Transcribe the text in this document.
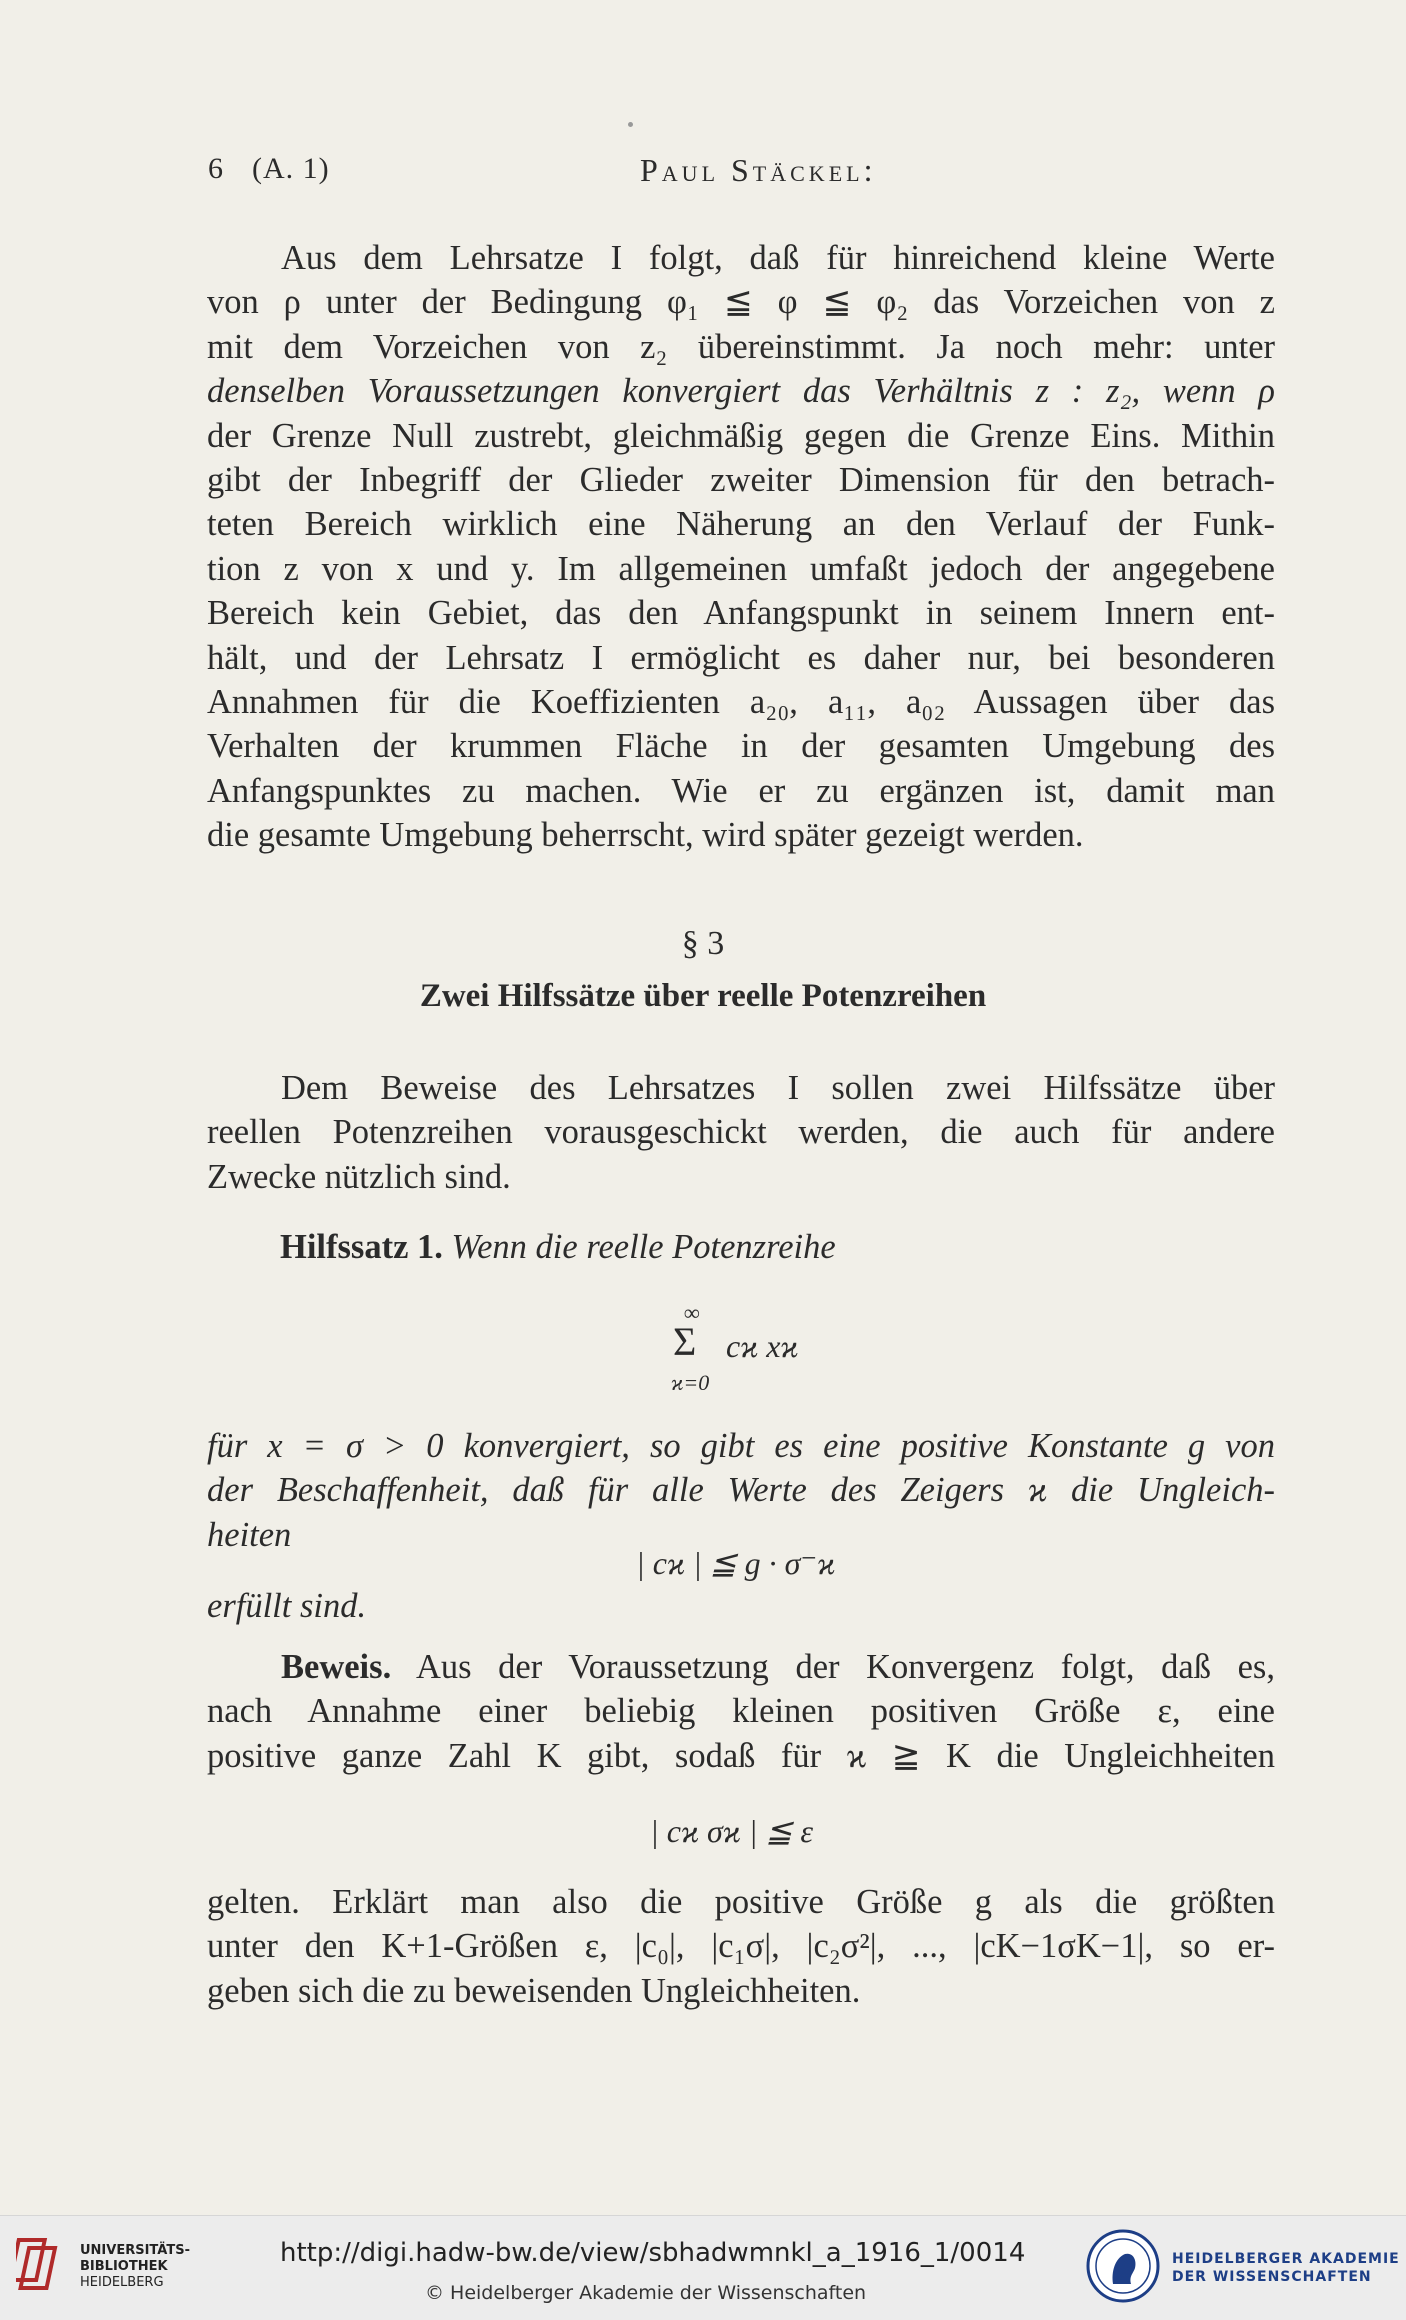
6 (A. 1)	Paul Stäckel:
Aus dem Lehrsatze I folgt, daß für hinreichend kleine Werte
von ρ unter der Bedingung φ₁ ≦ φ ≦ φ₂ das Vorzeichen von z
mit dem Vorzeichen von z₂ übereinstimmt. Ja noch mehr: unter
denselben Voraussetzungen konvergiert das Verhältnis z : z₂, wenn ρ
der Grenze Null zustrebt, gleichmäßig gegen die Grenze Eins. Mithin
gibt der Inbegriff der Glieder zweiter Dimension für den betrach-
teten Bereich wirklich eine Näherung an den Verlauf der Funk-
tion z von x und y. Im allgemeinen umfaßt jedoch der angegebene
Bereich kein Gebiet, das den Anfangspunkt in seinem Innern ent-
hält, und der Lehrsatz I ermöglicht es daher nur, bei besonderen
Annahmen für die Koeffizienten a₂₀, a₁₁, a₀₂ Aussagen über das
Verhalten der krummen Fläche in der gesamten Umgebung des
Anfangspunktes zu machen. Wie er zu ergänzen ist, damit man
die gesamte Umgebung beherrscht, wird später gezeigt werden.
§ 3
Zwei Hilfssätze über reelle Potenzreihen
Dem Beweise des Lehrsatzes I sollen zwei Hilfssätze über
reellen Potenzreihen vorausgeschickt werden, die auch für andere
Zwecke nützlich sind.
Hilfssatz 1. Wenn die reelle Potenzreihe
∞
Σ
ϰ=0
cϰ xϰ
für x = σ > 0 konvergiert, so gibt es eine positive Konstante g von
der Beschaffenheit, daß für alle Werte des Zeigers ϰ die Ungleich-
heiten
| cϰ | ≦ g · σ⁻ϰ
erfüllt sind.
Beweis. Aus der Voraussetzung der Konvergenz folgt, daß es,
nach Annahme einer beliebig kleinen positiven Größe ε, eine
positive ganze Zahl K gibt, sodaß für ϰ ≧ K die Ungleichheiten
| cϰ σϰ | ≦ ε
gelten. Erklärt man also die positive Größe g als die größten
unter den K+1-Größen ε, |c₀|, |c₁σ|, |c₂σ²|, ..., |cK−1σK−1|, so er-
geben sich die zu beweisenden Ungleichheiten.
UNIVERSITÄTS-
BIBLIOTHEK

HEIDELBERG
http://digi.hadw-bw.de/view/sbhadwmnkl_a_1916_1/0014
© Heidelberger Akademie der Wissenschaften
HEIDELBERGER AKADEMIE
DER WISSENSCHAFTEN
